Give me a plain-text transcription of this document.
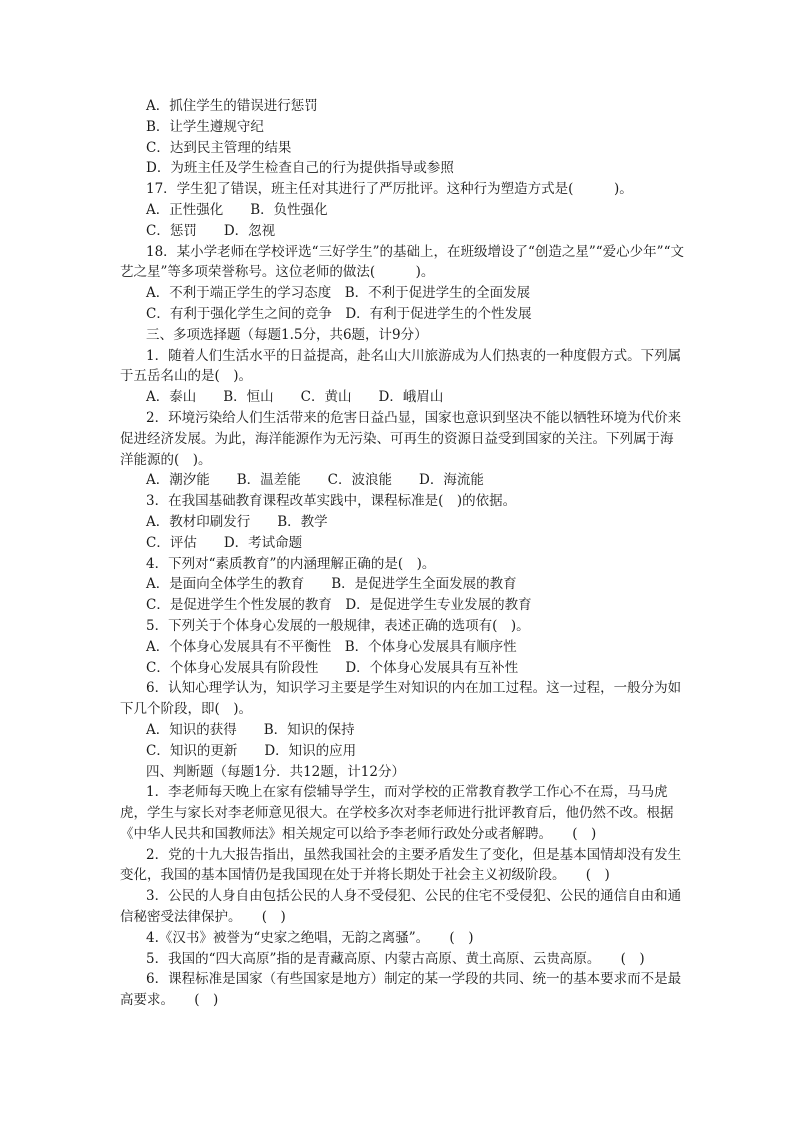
A．抓住学生的错误进行惩罚

B．让学生遵规守纪

C．达到民主管理的结果

D．为班主任及学生检查自己的行为提供指导或参照

17．学生犯了错误，班主任对其进行了严厉批评。这种行为塑造方式是(　　　)。

A．正性强化　　B．负性强化

C．惩罚　　D．忽视

18．某小学老师在学校评选“三好学生”的基础上，在班级增设了“创造之星”“爱心少年”“文艺之星”等多项荣誉称号。这位老师的做法(　　　)。

A．不利于端正学生的学习态度　B．不利于促进学生的全面发展

C．有利于强化学生之间的竞争　D．有利于促进学生的个性发展

三、多项选择题（每题1.5分，共6题，计9分）

1．随着人们生活水平的日益提高，赴名山大川旅游成为人们热衷的一种度假方式。下列属于五岳名山的是(　)。

A．泰山　　B．恒山　　C．黄山　　D．峨眉山

2．环境污染给人们生活带来的危害日益凸显，国家也意识到坚决不能以牺牲环境为代价来促进经济发展。为此，海洋能源作为无污染、可再生的资源日益受到国家的关注。下列属于海洋能源的(　)。

A．潮汐能　　B．温差能　　C．波浪能　　D．海流能

3．在我国基础教育课程改革实践中，课程标准是(　)的依据。

A．教材印刷发行　　B．教学

C．评估　　D．考试命题

4．下列对“素质教育”的内涵理解正确的是(　)。

A．是面向全体学生的教育　　B．是促进学生全面发展的教育

C．是促进学生个性发展的教育　D．是促进学生专业发展的教育

5．下列关于个体身心发展的一般规律，表述正确的选项有(　)。

A．个体身心发展具有不平衡性　B．个体身心发展具有顺序性

C．个体身心发展具有阶段性　　D．个体身心发展具有互补性

6．认知心理学认为，知识学习主要是学生对知识的内在加工过程。这一过程，一般分为如下几个阶段，即(　)。

A．知识的获得　　B．知识的保持

C．知识的更新　　D．知识的应用

四、判断题（每题1分．共12题，计12分）

1．李老师每天晚上在家有偿辅导学生，而对学校的正常教育教学工作心不在焉，马马虎虎，学生与家长对李老师意见很大。在学校多次对李老师进行批评教育后，他仍然不改。根据《中华人民共和国教师法》相关规定可以给予李老师行政处分或者解聘。　　(　)

2．党的十九大报告指出，虽然我国社会的主要矛盾发生了变化，但是基本国情却没有发生变化，我国的基本国情仍是我国现在处于并将长期处于社会主义初级阶段。　　(　)

3．公民的人身自由包括公民的人身不受侵犯、公民的住宅不受侵犯、公民的通信自由和通信秘密受法律保护。　　(　)

4.《汉书》被誉为“史家之绝唱，无韵之离骚”。　　(　)

5．我国的“四大高原”指的是青藏高原、内蒙古高原、黄土高原、云贵高原。　　(　)

6．课程标准是国家（有些国家是地方）制定的某一学段的共同、统一的基本要求而不是最高要求。　　(　)
